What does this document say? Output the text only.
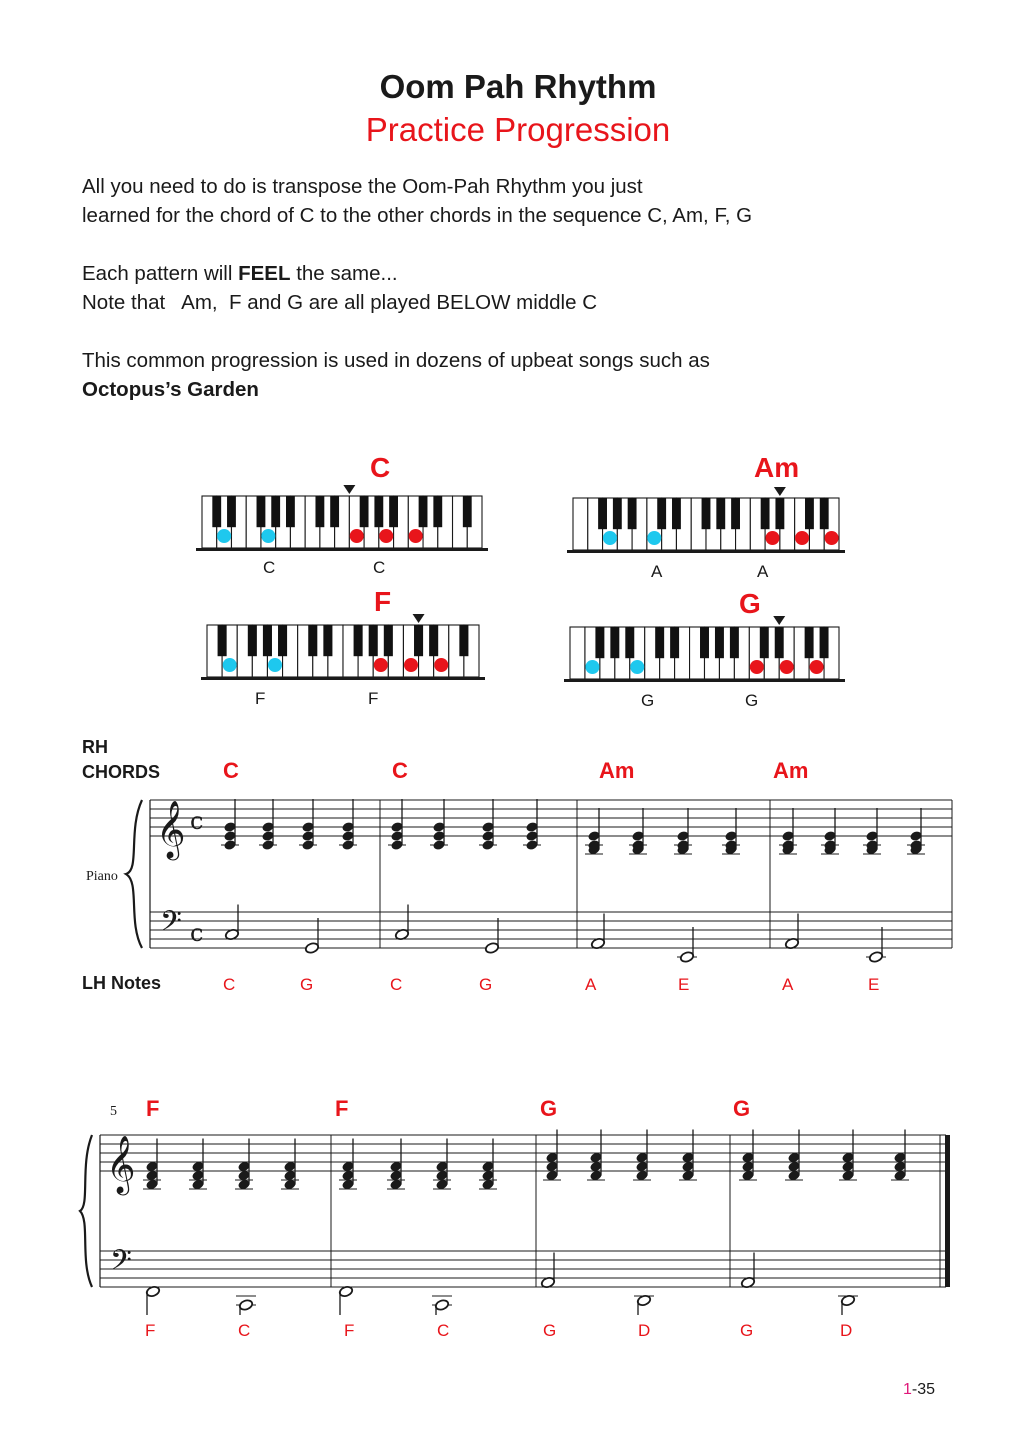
Oom Pah Rhythm
Practice Progression
All you need to do is transpose the Oom-Pah Rhythm you just
learned for the chord of C to the other chords in the sequence C, Am, F, G
Each pattern will FEEL the same...
Note that   Am,  F and G are all played BELOW middle C
This common progression is used in dozens of upbeat songs such as
Octopus’s Garden
C	Am
F	G
C	C	A	A
F	F	G	G
RH
CHORDS	C	C	Am	Am
Piano
𝄞
𝄢
c
c
LH Notes	C	G	C	G	A	E	A	E
5 F	F	G	G
𝄞
𝄢
F	C	F	C	G	D	G	D
1-35
